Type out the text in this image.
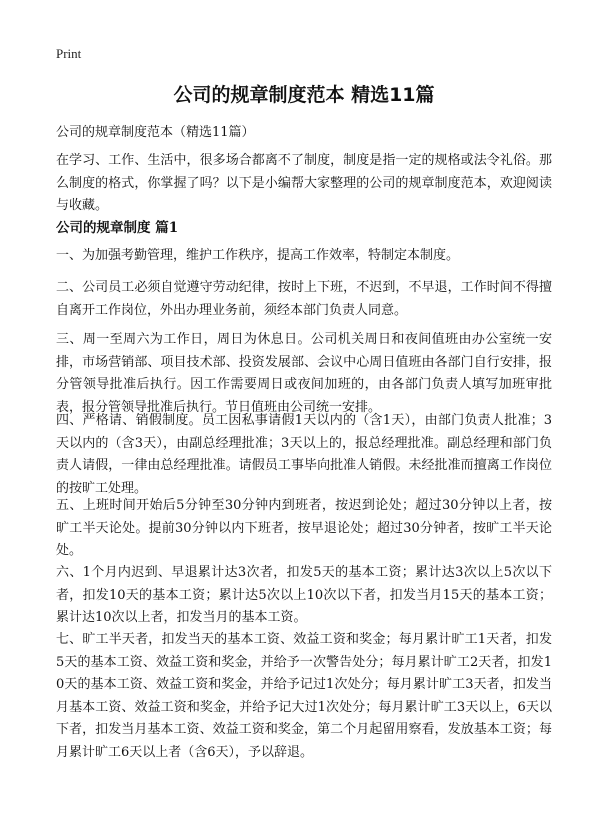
Print
公司的规章制度范本 精选11篇

公司的规章制度范本（精选11篇）

在学习、工作、生活中，很多场合都离不了制度，制度是指一定的规格或法令礼俗。那么制度的格式，你掌握了吗？以下是小编帮大家整理的公司的规章制度范本，欢迎阅读与收藏。

公司的规章制度 篇1

一、为加强考勤管理，维护工作秩序，提高工作效率，特制定本制度。

二、公司员工必须自觉遵守劳动纪律，按时上下班，不迟到，不早退，工作时间不得擅自离开工作岗位，外出办理业务前，须经本部门负责人同意。

三、周一至周六为工作日，周日为休息日。公司机关周日和夜间值班由办公室统一安排，市场营销部、项目技术部、投资发展部、会议中心周日值班由各部门自行安排，报分管领导批准后执行。因工作需要周日或夜间加班的，由各部门负责人填写加班审批表，报分管领导批准后执行。节日值班由公司统一安排。

四、严格请、销假制度。员工因私事请假1天以内的（含1天），由部门负责人批准；3天以内的（含3天），由副总经理批准；3天以上的，报总经理批准。副总经理和部门负责人请假，一律由总经理批准。请假员工事毕向批准人销假。未经批准而擅离工作岗位的按旷工处理。

五、上班时间开始后5分钟至30分钟内到班者，按迟到论处；超过30分钟以上者，按旷工半天论处。提前30分钟以内下班者，按早退论处；超过30分钟者，按旷工半天论处。

六、1个月内迟到、早退累计达3次者，扣发5天的基本工资；累计达3次以上5次以下者，扣发10天的基本工资；累计达5次以上10次以下者，扣发当月15天的基本工资；累计达10次以上者，扣发当月的基本工资。

七、旷工半天者，扣发当天的基本工资、效益工资和奖金；每月累计旷工1天者，扣发5天的基本工资、效益工资和奖金，并给予一次警告处分；每月累计旷工2天者，扣发10天的基本工资、效益工资和奖金，并给予记过1次处分；每月累计旷工3天者，扣发当月基本工资、效益工资和奖金，并给予记大过1次处分；每月累计旷工3天以上，6天以下者，扣发当月基本工资、效益工资和奖金，第二个月起留用察看，发放基本工资；每月累计旷工6天以上者（含6天），予以辞退。
